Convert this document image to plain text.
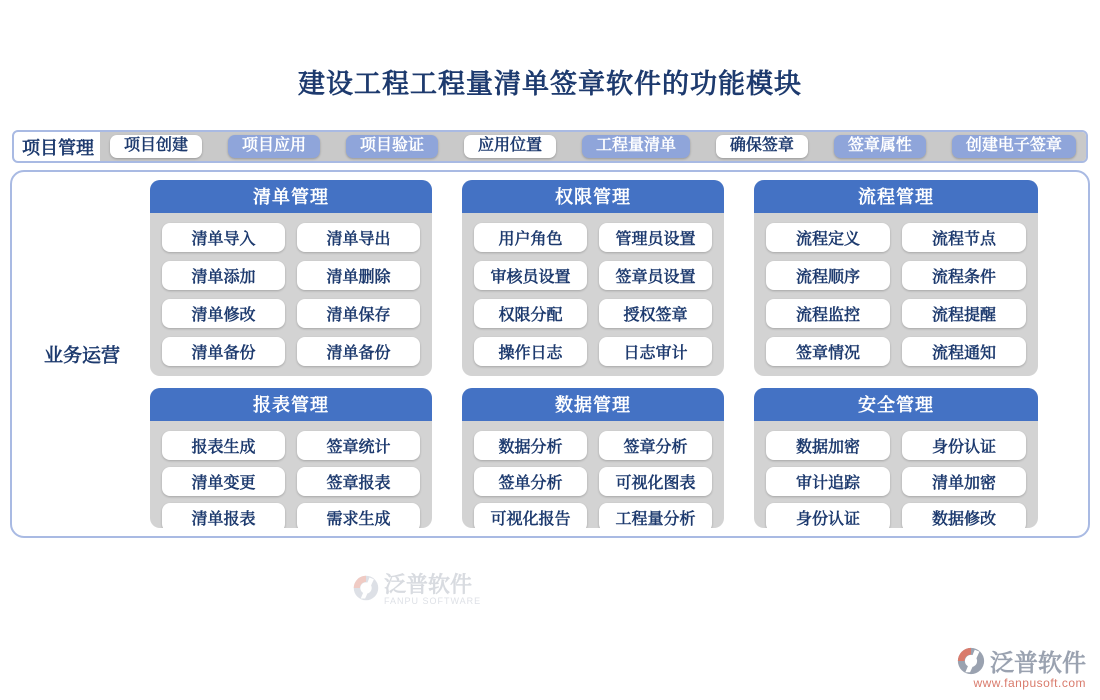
建设工程工程量清单签章软件的功能模块
项目管理	项目创建	项目应用	项目验证	应用位置	工程量清单	确保签章	签章属性	创建电子签章
业务运营
清单管理
清单导入	清单导出
清单添加	清单删除
清单修改	清单保存
清单备份	清单备份
权限管理
用户角色	管理员设置
审核员设置	签章员设置
权限分配	授权签章
操作日志	日志审计
流程管理
流程定义	流程节点
流程顺序	流程条件
流程监控	流程提醒
签章情况	流程通知
报表管理
报表生成	签章统计
清单变更	签章报表
清单报表	需求生成
数据管理
数据分析	签章分析
签单分析	可视化图表
可视化报告	工程量分析
安全管理
数据加密	身份认证
审计追踪	清单加密
身份认证	数据修改
泛普软件
FANPU SOFTWARE
泛普软件
www.fanpusoft.com
